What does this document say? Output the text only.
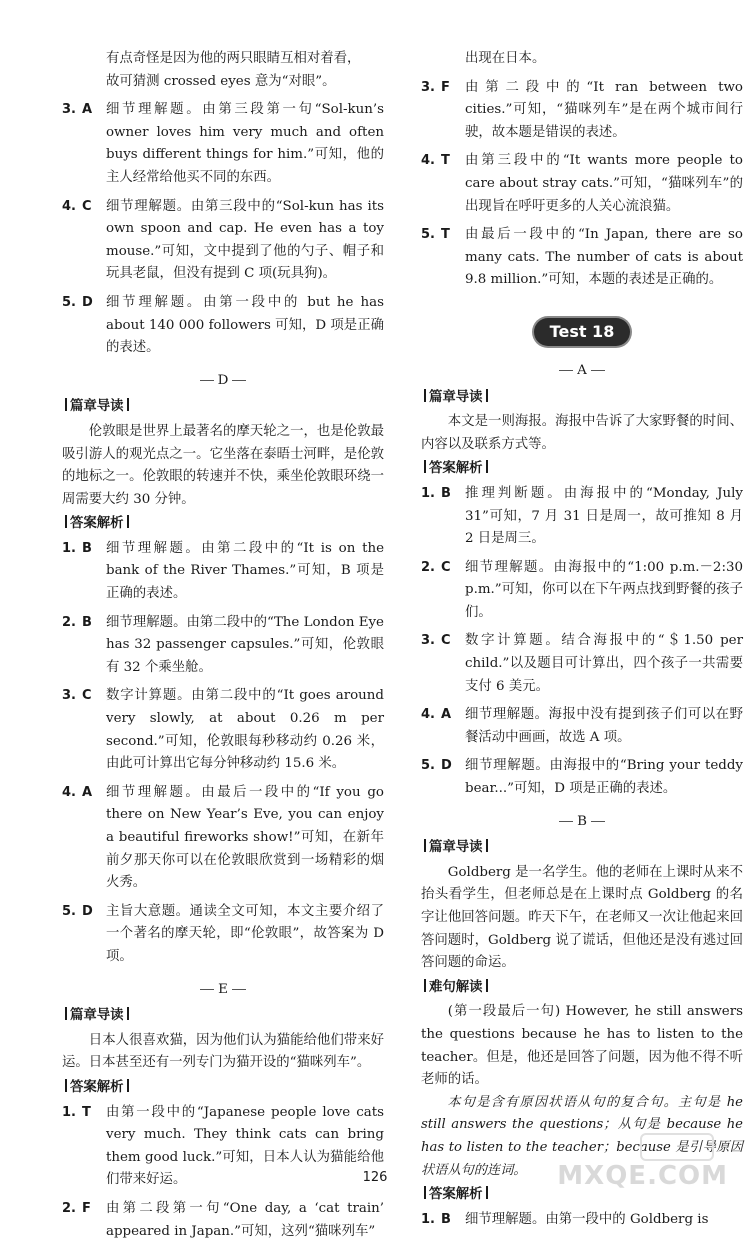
有点奇怪是因为他的两只眼睛互相对着看，

故可猜测 crossed eyes 意为“对眼”。

3. A 细节理解题。由第三段第一句“Sol-kun’s owner loves him very much and often buys different things for him.”可知，他的主人经常给他买不同的东西。
4. C 细节理解题。由第三段中的“Sol-kun has its own spoon and cap. He even has a toy mouse.”可知，文中提到了他的勺子、帽子和玩具老鼠，但没有提到 C 项(玩具狗)。
5. D 细节理解题。由第一段中的 but he has about 140 000 followers 可知，D 项是正确的表述。
D
篇章导读

伦敦眼是世界上最著名的摩天轮之一，也是伦敦最吸引游人的观光点之一。它坐落在泰晤士河畔，是伦敦的地标之一。伦敦眼的转速并不快，乘坐伦敦眼环绕一周需要大约 30 分钟。

答案解析
1. B 细节理解题。由第二段中的“It is on the bank of the River Thames.”可知，B 项是正确的表述。
2. B 细节理解题。由第二段中的“The London Eye has 32 passenger capsules.”可知，伦敦眼有 32 个乘坐舱。
3. C 数字计算题。由第二段中的“It goes around very slowly, at about 0.26 m per second.”可知，伦敦眼每秒移动约 0.26 米，由此可计算出它每分钟移动约 15.6 米。
4. A 细节理解题。由最后一段中的“If you go there on New Year’s Eve, you can enjoy a beautiful fireworks show!”可知，在新年前夕那天你可以在伦敦眼欣赏到一场精彩的烟火秀。
5. D 主旨大意题。通读全文可知，本文主要介绍了一个著名的摩天轮，即“伦敦眼”，故答案为 D 项。
E
篇章导读

日本人很喜欢猫，因为他们认为猫能给他们带来好运。日本甚至还有一列专门为猫开设的“猫咪列车”。

答案解析
1. T 由第一段中的“Japanese people love cats very much. They think cats can bring them good luck.”可知，日本人认为猫能给他们带来好运。
2. F 由第二段第一句“One day, a ‘cat train’ appeared in Japan.”可知，这列“猫咪列车”

出现在日本。

3. F 由第二段中的“It ran between two cities.”可知，“猫咪列车”是在两个城市间行驶，故本题是错误的表述。
4. T 由第三段中的“It wants more people to care about stray cats.”可知，“猫咪列车”的出现旨在呼吁更多的人关心流浪猫。
5. T 由最后一段中的“In Japan, there are so many cats. The number of cats is about 9.8 million.”可知，本题的表述是正确的。
Test 18
A
篇章导读

本文是一则海报。海报中告诉了大家野餐的时间、内容以及联系方式等。

答案解析
1. B 推理判断题。由海报中的“Monday, July 31”可知，7 月 31 日是周一，故可推知 8 月 2 日是周三。
2. C 细节理解题。由海报中的“1:00 p.m.－2:30 p.m.”可知，你可以在下午两点找到野餐的孩子们。
3. C 数字计算题。结合海报中的“＄1.50 per child.”以及题目可计算出，四个孩子一共需要支付 6 美元。
4. A 细节理解题。海报中没有提到孩子们可以在野餐活动中画画，故选 A 项。
5. D 细节理解题。由海报中的“Bring your teddy bear...”可知，D 项是正确的表述。
B
篇章导读

Goldberg 是一名学生。他的老师在上课时从来不抬头看学生，但老师总是在上课时点 Goldberg 的名字让他回答问题。昨天下午，在老师又一次让他起来回答问题时，Goldberg 说了谎话，但他还是没有逃过回答问题的命运。

难句解读

(第一段最后一句) However, he still answers the questions because he has to listen to the teacher。但是，他还是回答了问题，因为他不得不听老师的话。

本句是含有原因状语从句的复合句。主句是 he still answers the questions；从句是 because he has to listen to the teacher；because 是引导原因状语从句的连词。

答案解析
1. B 细节理解题。由第一段中的 Goldberg is
126	MXQE.COM
